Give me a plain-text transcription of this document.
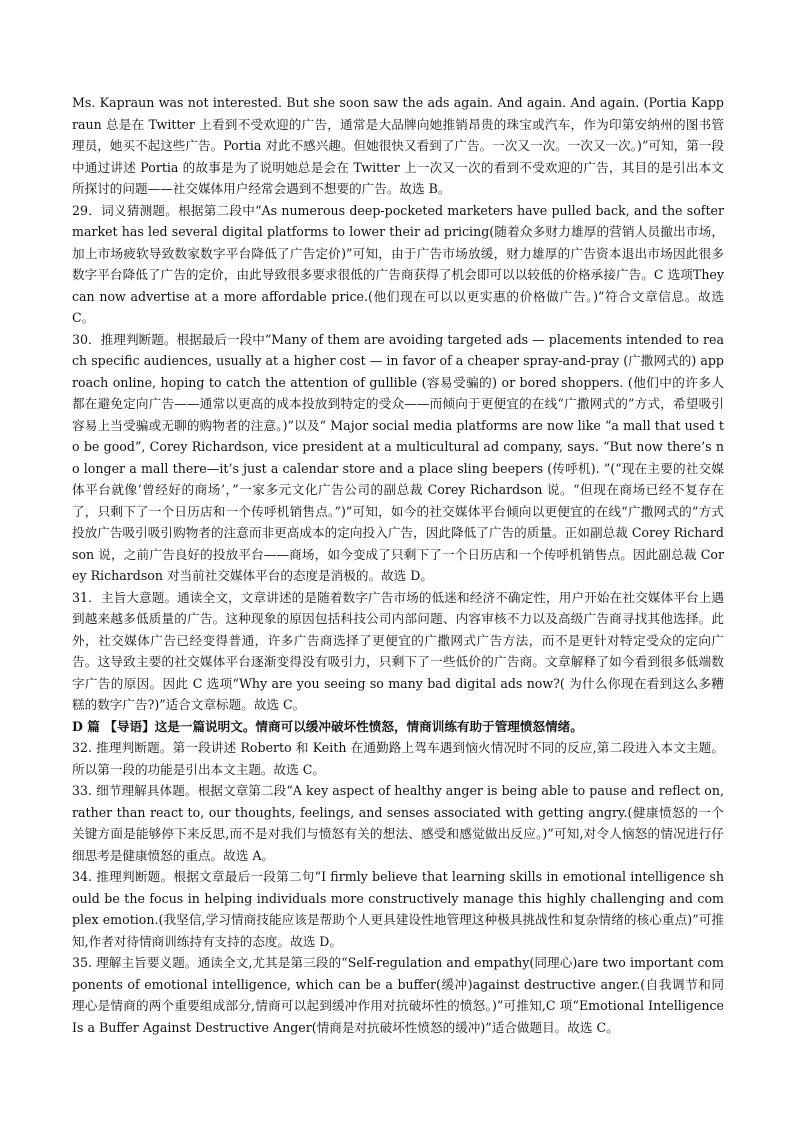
Ms. Kapraun was not interested. But she soon saw the ads again. And again. And again. (Portia Kappraun 总是在 Twitter 上看到不受欢迎的广告，通常是大品牌向她推销昂贵的珠宝或汽车，作为印第安纳州的图书管理员，她买不起这些广告。Portia 对此不感兴趣。但她很快又看到了广告。一次又一次。一次又一次。)”可知，第一段中通过讲述 Portia 的故事是为了说明她总是会在 Twitter 上一次又一次的看到不受欢迎的广告，其目的是引出本文所探讨的问题——社交媒体用户经常会遇到不想要的广告。故选 B。

29．词义猜测题。根据第二段中“As numerous deep-pocketed marketers have pulled back, and the softer market has led several digital platforms to lower their ad pricing(随着众多财力雄厚的营销人员撤出市场，加上市场疲软导致数家数字平台降低了广告定价)”可知，由于广告市场放缓，财力雄厚的广告资本退出市场因此很多数字平台降低了广告的定价，由此导致很多要求很低的广告商获得了机会即可以以较低的价格承接广告。C 选项They can now advertise at a more affordable price.(他们现在可以以更实惠的价格做广告。)”符合文章信息。故选 C。

30．推理判断题。根据最后一段中“Many of them are avoiding targeted ads — placements intended to reach specific audiences, usually at a higher cost — in favor of a cheaper spray-and-pray (广撒网式的) approach online, hoping to catch the attention of gullible (容易受骗的) or bored shoppers. (他们中的许多人都在避免定向广告——通常以更高的成本投放到特定的受众——而倾向于更便宜的在线“广撒网式的”方式，希望吸引容易上当受骗或无聊的购物者的注意。)”以及“ Major social media platforms are now like “a mall that used to be good”, Corey Richardson, vice president at a multicultural ad company, says. “But now there’s no longer a mall there—it’s just a calendar store and a place sling beepers (传呼机). ”(“现在主要的社交媒体平台就像‘曾经好的商场’，”一家多元文化广告公司的副总裁 Corey Richardson 说。“但现在商场已经不复存在了，只剩下了一个日历店和一个传呼机销售点。”)”可知，如今的社交媒体平台倾向以更便宜的在线“广撒网式的”方式投放广告吸引吸引购物者的注意而非更高成本的定向投入广告，因此降低了广告的质量。正如副总裁 Corey Richardson 说，之前广告良好的投放平台——商场，如今变成了只剩下了一个日历店和一个传呼机销售点。因此副总裁 Corey Richardson 对当前社交媒体平台的态度是消极的。故选 D。

31．主旨大意题。通读全文，文章讲述的是随着数字广告市场的低迷和经济不确定性，用户开始在社交媒体平台上遇到越来越多低质量的广告。这种现象的原因包括科技公司内部问题、内容审核不力以及高级广告商寻找其他选择。此外，社交媒体广告已经变得普通，许多广告商选择了更便宜的广撒网式广告方法，而不是更针对特定受众的定向广告。这导致主要的社交媒体平台逐渐变得没有吸引力，只剩下了一些低价的广告商。文章解释了如今看到很多低端数字广告的原因。因此 C 选项“Why are you seeing so many bad digital ads now?( 为什么你现在看到这么多糟糕的数字广告?)”适合文章标题。故选 C。

D 篇 【导语】这是一篇说明文。情商可以缓冲破坏性愤怒，情商训练有助于管理愤怒情绪。

32. 推理判断题。第一段讲述 Roberto 和 Keith 在通勤路上驾车遇到恼火情况时不同的反应,第二段进入本文主题。所以第一段的功能是引出本文主题。故选 C。

33. 细节理解具体题。根据文章第二段“A key aspect of healthy anger is being able to pause and reflect on, rather than react to, our thoughts, feelings, and senses associated with getting angry.(健康愤怒的一个关键方面是能够停下来反思,而不是对我们与愤怒有关的想法、感受和感觉做出反应。)”可知,对令人恼怒的情况进行仔细思考是健康愤怒的重点。故选 A。

34. 推理判断题。根据文章最后一段第二句“I firmly believe that learning skills in emotional intelligence should be the focus in helping individuals more constructively manage this highly challenging and complex emotion.(我坚信,学习情商技能应该是帮助个人更具建设性地管理这种极具挑战性和复杂情绪的核心重点)”可推知,作者对待情商训练持有支持的态度。故选 D。

35. 理解主旨要义题。通读全文,尤其是第三段的“Self-regulation and empathy(同理心)are two important components of emotional intelligence, which can be a buffer(缓冲)against destructive anger.(自我调节和同理心是情商的两个重要组成部分,情商可以起到缓冲作用对抗破坏性的愤怒。)”可推知,C 项“Emotional Intelligence Is a Buffer Against Destructive Anger(情商是对抗破坏性愤怒的缓冲)”适合做题目。故选 C。
